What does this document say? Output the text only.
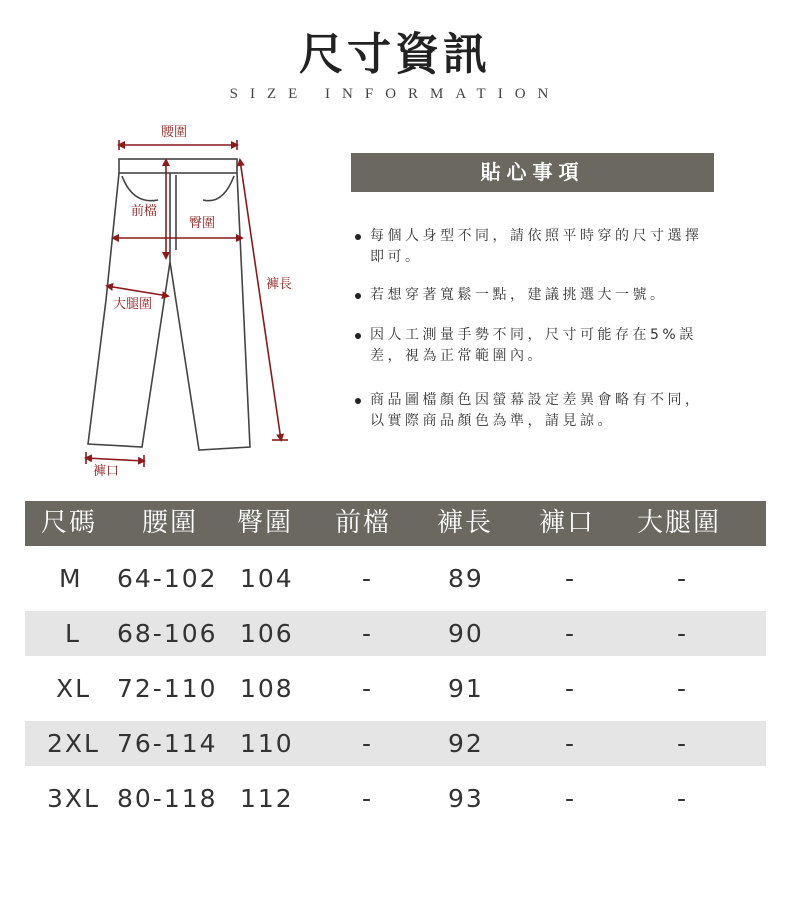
尺寸資訊
SIZE INFORMATION
腰圍
前檔
臀圍
褲長
大腿圍
褲口
貼心事項
每個人身型不同，請依照平時穿的尺寸選擇即可。
若想穿著寬鬆一點，建議挑選大一號。
因人工測量手勢不同，尺寸可能存在5%誤差，視為正常範圍內。
商品圖檔顏色因螢幕設定差異會略有不同，以實際商品顏色為準，請見諒。
尺碼 腰圍 臀圍 前檔 褲長 褲口 大腿圍
M 64-102 104	-	89	-	-
L 68-106 106	-	90	-	-
XL 72-110 108	-	91	-	-
2XL 76-114 110	-	92	-	-
3XL 80-118 112	-	93	-	-
